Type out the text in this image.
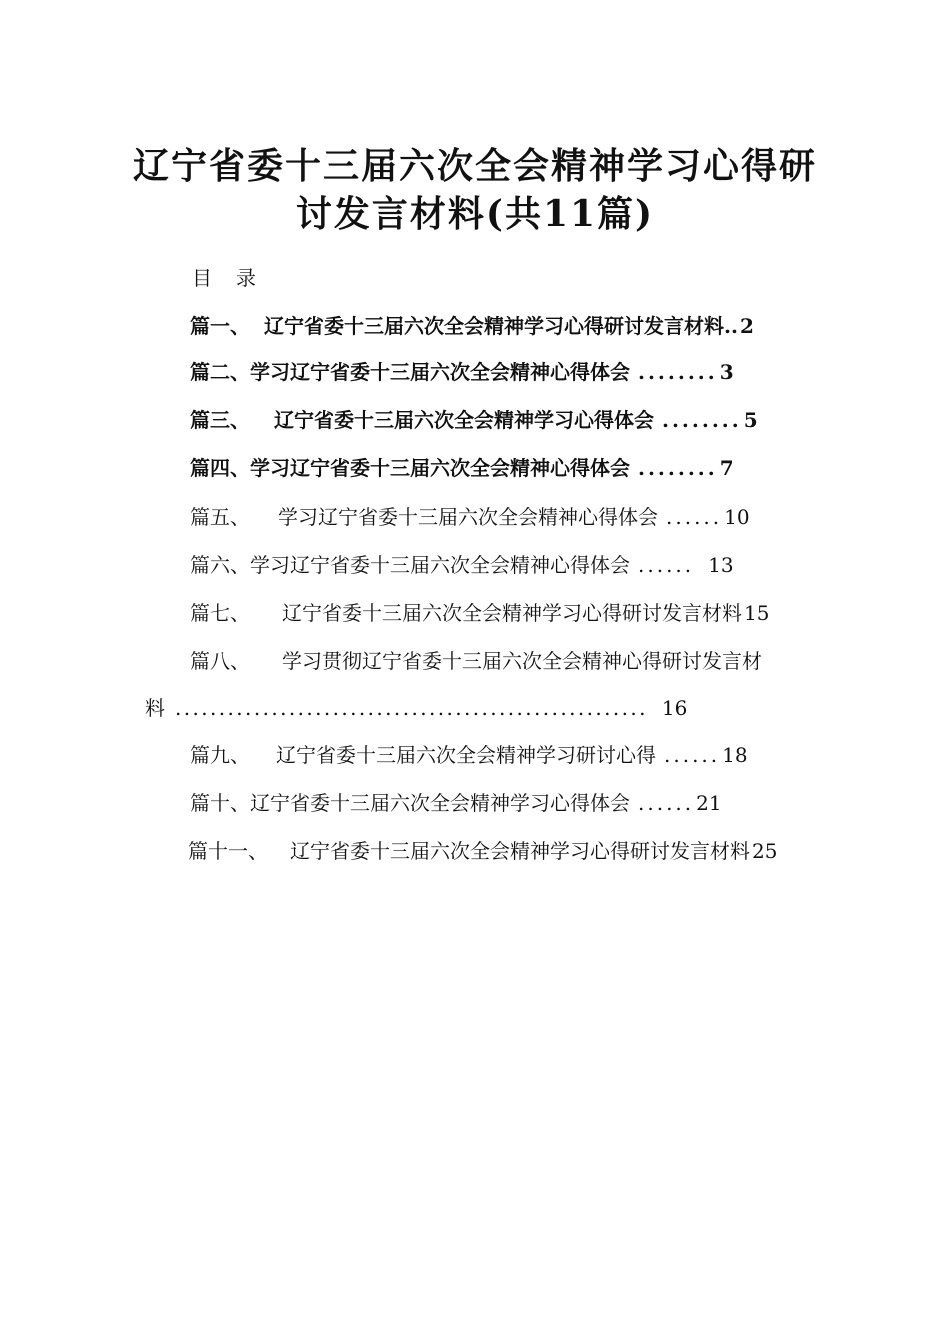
辽宁省委十三届六次全会精神学习心得研
讨发言材料(共11篇)
目 录
篇一、 辽宁省委十三届六次全会精神学习心得研讨发言材料.. 2
篇二、学习辽宁省委十三届六次全会精神心得体会 ........ 3
篇三、 辽宁省委十三届六次全会精神学习心得体会 ........ 5
篇四、学习辽宁省委十三届六次全会精神心得体会 ........ 7
篇五、 学习辽宁省委十三届六次全会精神心得体会 ...... 10
篇六、学习辽宁省委十三届六次全会精神心得体会 ...... 13
篇七、 辽宁省委十三届六次全会精神学习心得研讨发言材料 15
篇八、 学习贯彻辽宁省委十三届六次全会精神心得研讨发言材
料 ...................................................... 16
篇九、 辽宁省委十三届六次全会精神学习研讨心得 ...... 18
篇十、辽宁省委十三届六次全会精神学习心得体会 ...... 21
篇十一、 辽宁省委十三届六次全会精神学习心得研讨发言材料 25
